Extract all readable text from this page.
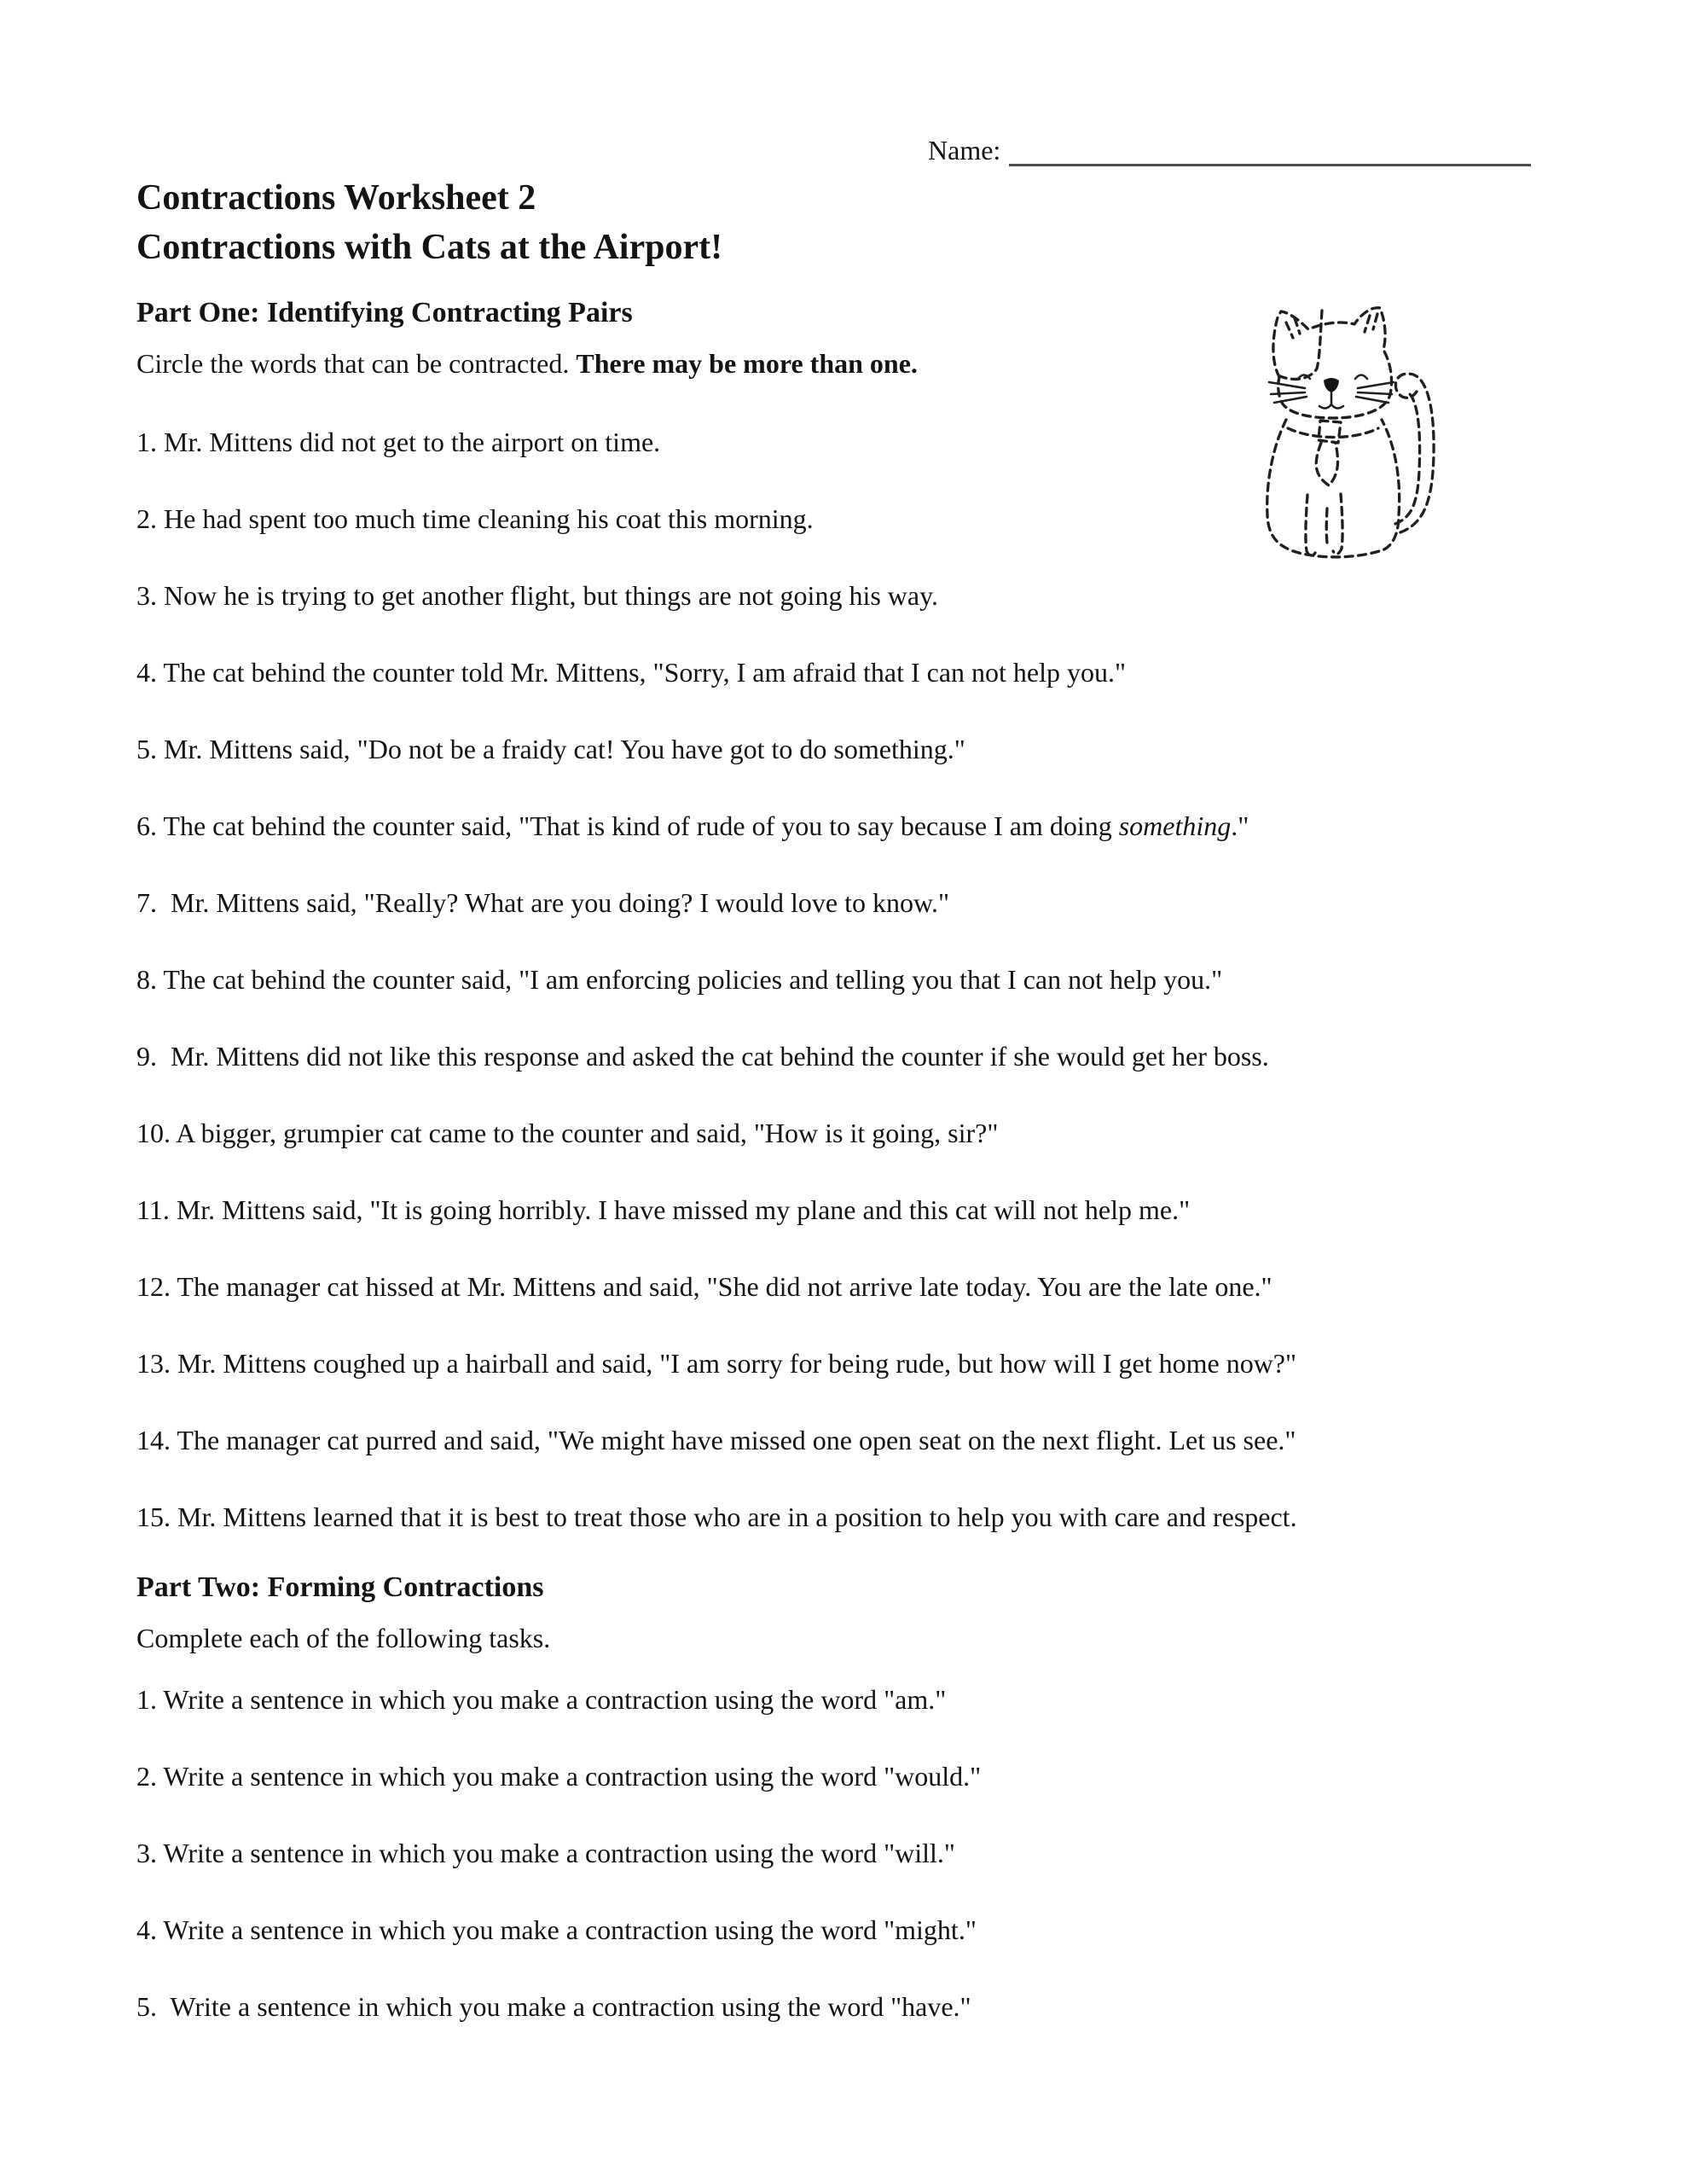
Name:
Contractions Worksheet 2
Contractions with Cats at the Airport!
Part One: Identifying Contracting Pairs
Circle the words that can be contracted. There may be more than one.
1. Mr. Mittens did not get to the airport on time.
2. He had spent too much time cleaning his coat this morning.
3. Now he is trying to get another flight, but things are not going his way.
4. The cat behind the counter told Mr. Mittens, "Sorry, I am afraid that I can not help you."
5. Mr. Mittens said, "Do not be a fraidy cat! You have got to do something."
6. The cat behind the counter said, "That is kind of rude of you to say because I am doing something."
7.  Mr. Mittens said, "Really? What are you doing? I would love to know."
8. The cat behind the counter said, "I am enforcing policies and telling you that I can not help you."
9.  Mr. Mittens did not like this response and asked the cat behind the counter if she would get her boss.
10. A bigger, grumpier cat came to the counter and said, "How is it going, sir?"
11. Mr. Mittens said, "It is going horribly. I have missed my plane and this cat will not help me."
12. The manager cat hissed at Mr. Mittens and said, "She did not arrive late today. You are the late one."
13. Mr. Mittens coughed up a hairball and said, "I am sorry for being rude, but how will I get home now?"
14. The manager cat purred and said, "We might have missed one open seat on the next flight. Let us see."
15. Mr. Mittens learned that it is best to treat those who are in a position to help you with care and respect.
Part Two: Forming Contractions
Complete each of the following tasks.
1. Write a sentence in which you make a contraction using the word "am."
2. Write a sentence in which you make a contraction using the word "would."
3. Write a sentence in which you make a contraction using the word "will."
4. Write a sentence in which you make a contraction using the word "might."
5.  Write a sentence in which you make a contraction using the word "have."
